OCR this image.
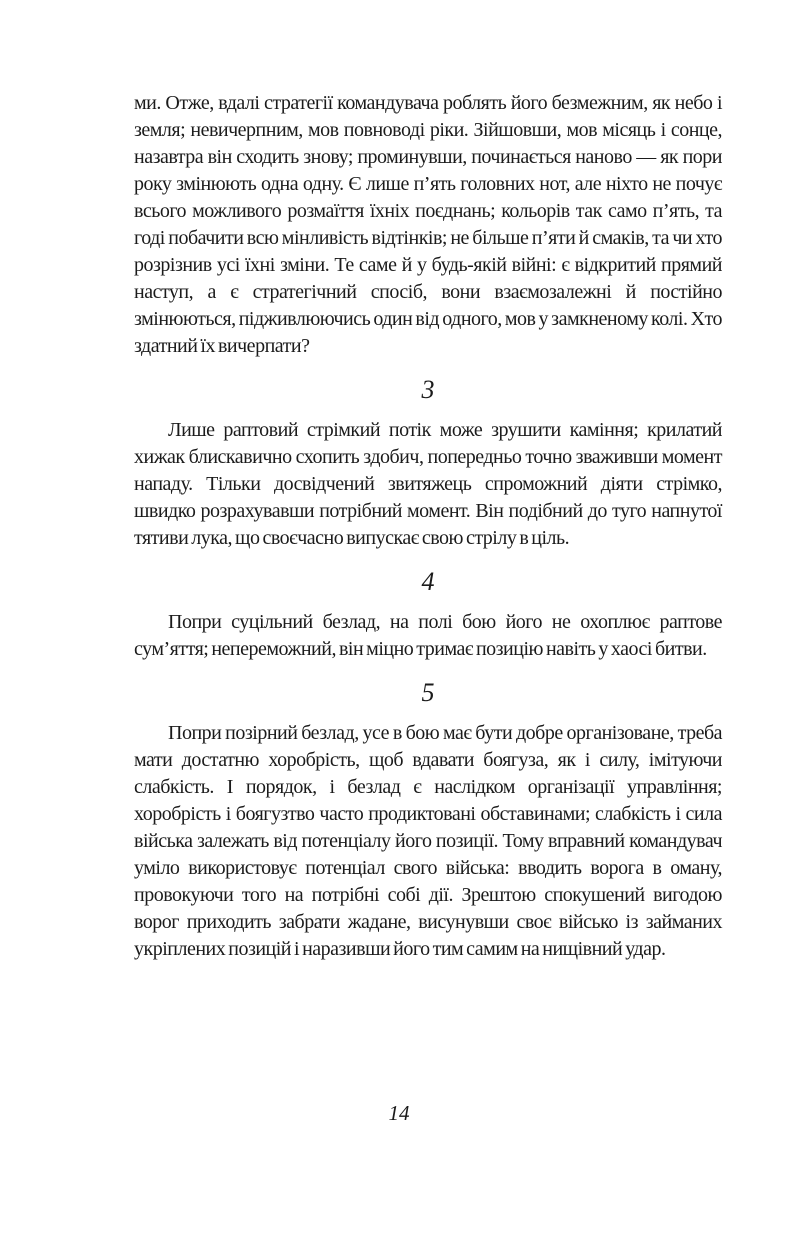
ми. Отже, вдалі стратегії командувача роблять його безмежним, як небо і земля; невичерпним, мов повноводі ріки. Зійшовши, мов місяць і сонце, назавтра він сходить знову; проминувши, починається наново — як пори року змінюють одна одну. Є лише п’ять головних нот, але ніхто не почує всього можливого розмаїття їхніх поєднань; кольорів так само п’ять, та годі побачити всю мінливість відтінків; не більше п’яти й смаків, та чи хто розрізнив усі їхні зміни. Те саме й у будь-якій війні: є відкритий прямий наступ, а є стратегічний спосіб, вони взаємозалежні й постійно змінюються, підживлюючись один від одного, мов у замкненому колі. Хто здатний їх вичерпати?

3

Лише раптовий стрімкий потік може зрушити каміння; крилатий хижак блискавично схопить здобич, попередньо точно зваживши момент нападу. Тільки досвідчений звитяжець спроможний діяти стрімко, швидко розрахувавши потрібний момент. Він подібний до туго напнутої тятиви лука, що своєчасно випускає свою стрілу в ціль.

4

Попри суцільний безлад, на полі бою його не охоплює раптове сум’яття; непереможний, він міцно тримає позицію навіть у хаосі битви.

5

Попри позірний безлад, усе в бою має бути добре організоване, треба мати достатню хоробрість, щоб вдавати боягуза, як і силу, імітуючи слабкість. І порядок, і безлад є наслідком організації управління; хоробрість і боягузтво часто продиктовані обставинами; слабкість і сила війська залежать від потенціалу його позиції. Тому вправний командувач уміло використовує потенціал свого війська: вводить ворога в оману, провокуючи того на потрібні собі дії. Зрештою спокушений вигодою ворог приходить забрати жадане, висунувши своє військо із займаних укріплених позицій і наразивши його тим самим на нищівний удар.

14
